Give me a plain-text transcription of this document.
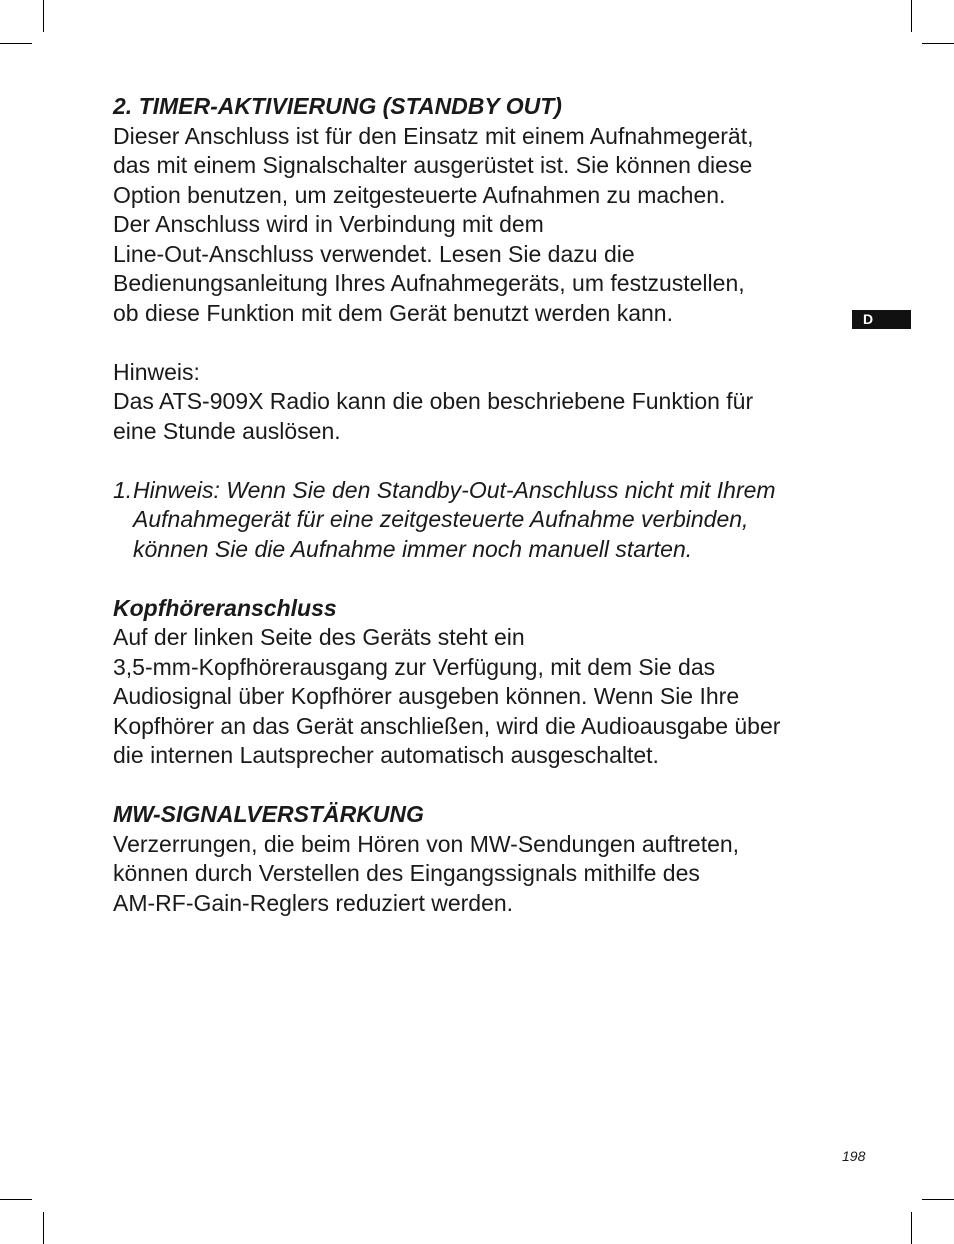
D

2. TIMER-AKTIVIERUNG (STANDBY OUT)

Dieser Anschluss ist für den Einsatz mit einem Aufnahmegerät,

das mit einem Signalschalter ausgerüstet ist. Sie können diese

Option benutzen, um zeitgesteuerte Aufnahmen zu machen.

Der Anschluss wird in Verbindung mit dem

Line-Out-Anschluss verwendet. Lesen Sie dazu die

Bedienungsanleitung Ihres Aufnahmegeräts, um festzustellen,

ob diese Funktion mit dem Gerät benutzt werden kann.

Hinweis:

Das ATS-909X Radio kann die oben beschriebene Funktion für

eine Stunde auslösen.

1. Hinweis: Wenn Sie den Standby-Out-Anschluss nicht mit Ihrem

Aufnahmegerät für eine zeitgesteuerte Aufnahme verbinden,

können Sie die Aufnahme immer noch manuell starten.

Kopfhöreranschluss

Auf der linken Seite des Geräts steht ein

3,5-mm-Kopfhörerausgang zur Verfügung, mit dem Sie das

Audiosignal über Kopfhörer ausgeben können. Wenn Sie Ihre

Kopfhörer an das Gerät anschließen, wird die Audioausgabe über

die internen Lautsprecher automatisch ausgeschaltet.

MW-SIGNALVERSTÄRKUNG

Verzerrungen, die beim Hören von MW-Sendungen auftreten,

können durch Verstellen des Eingangssignals mithilfe des

AM-RF-Gain-Reglers reduziert werden.

198
